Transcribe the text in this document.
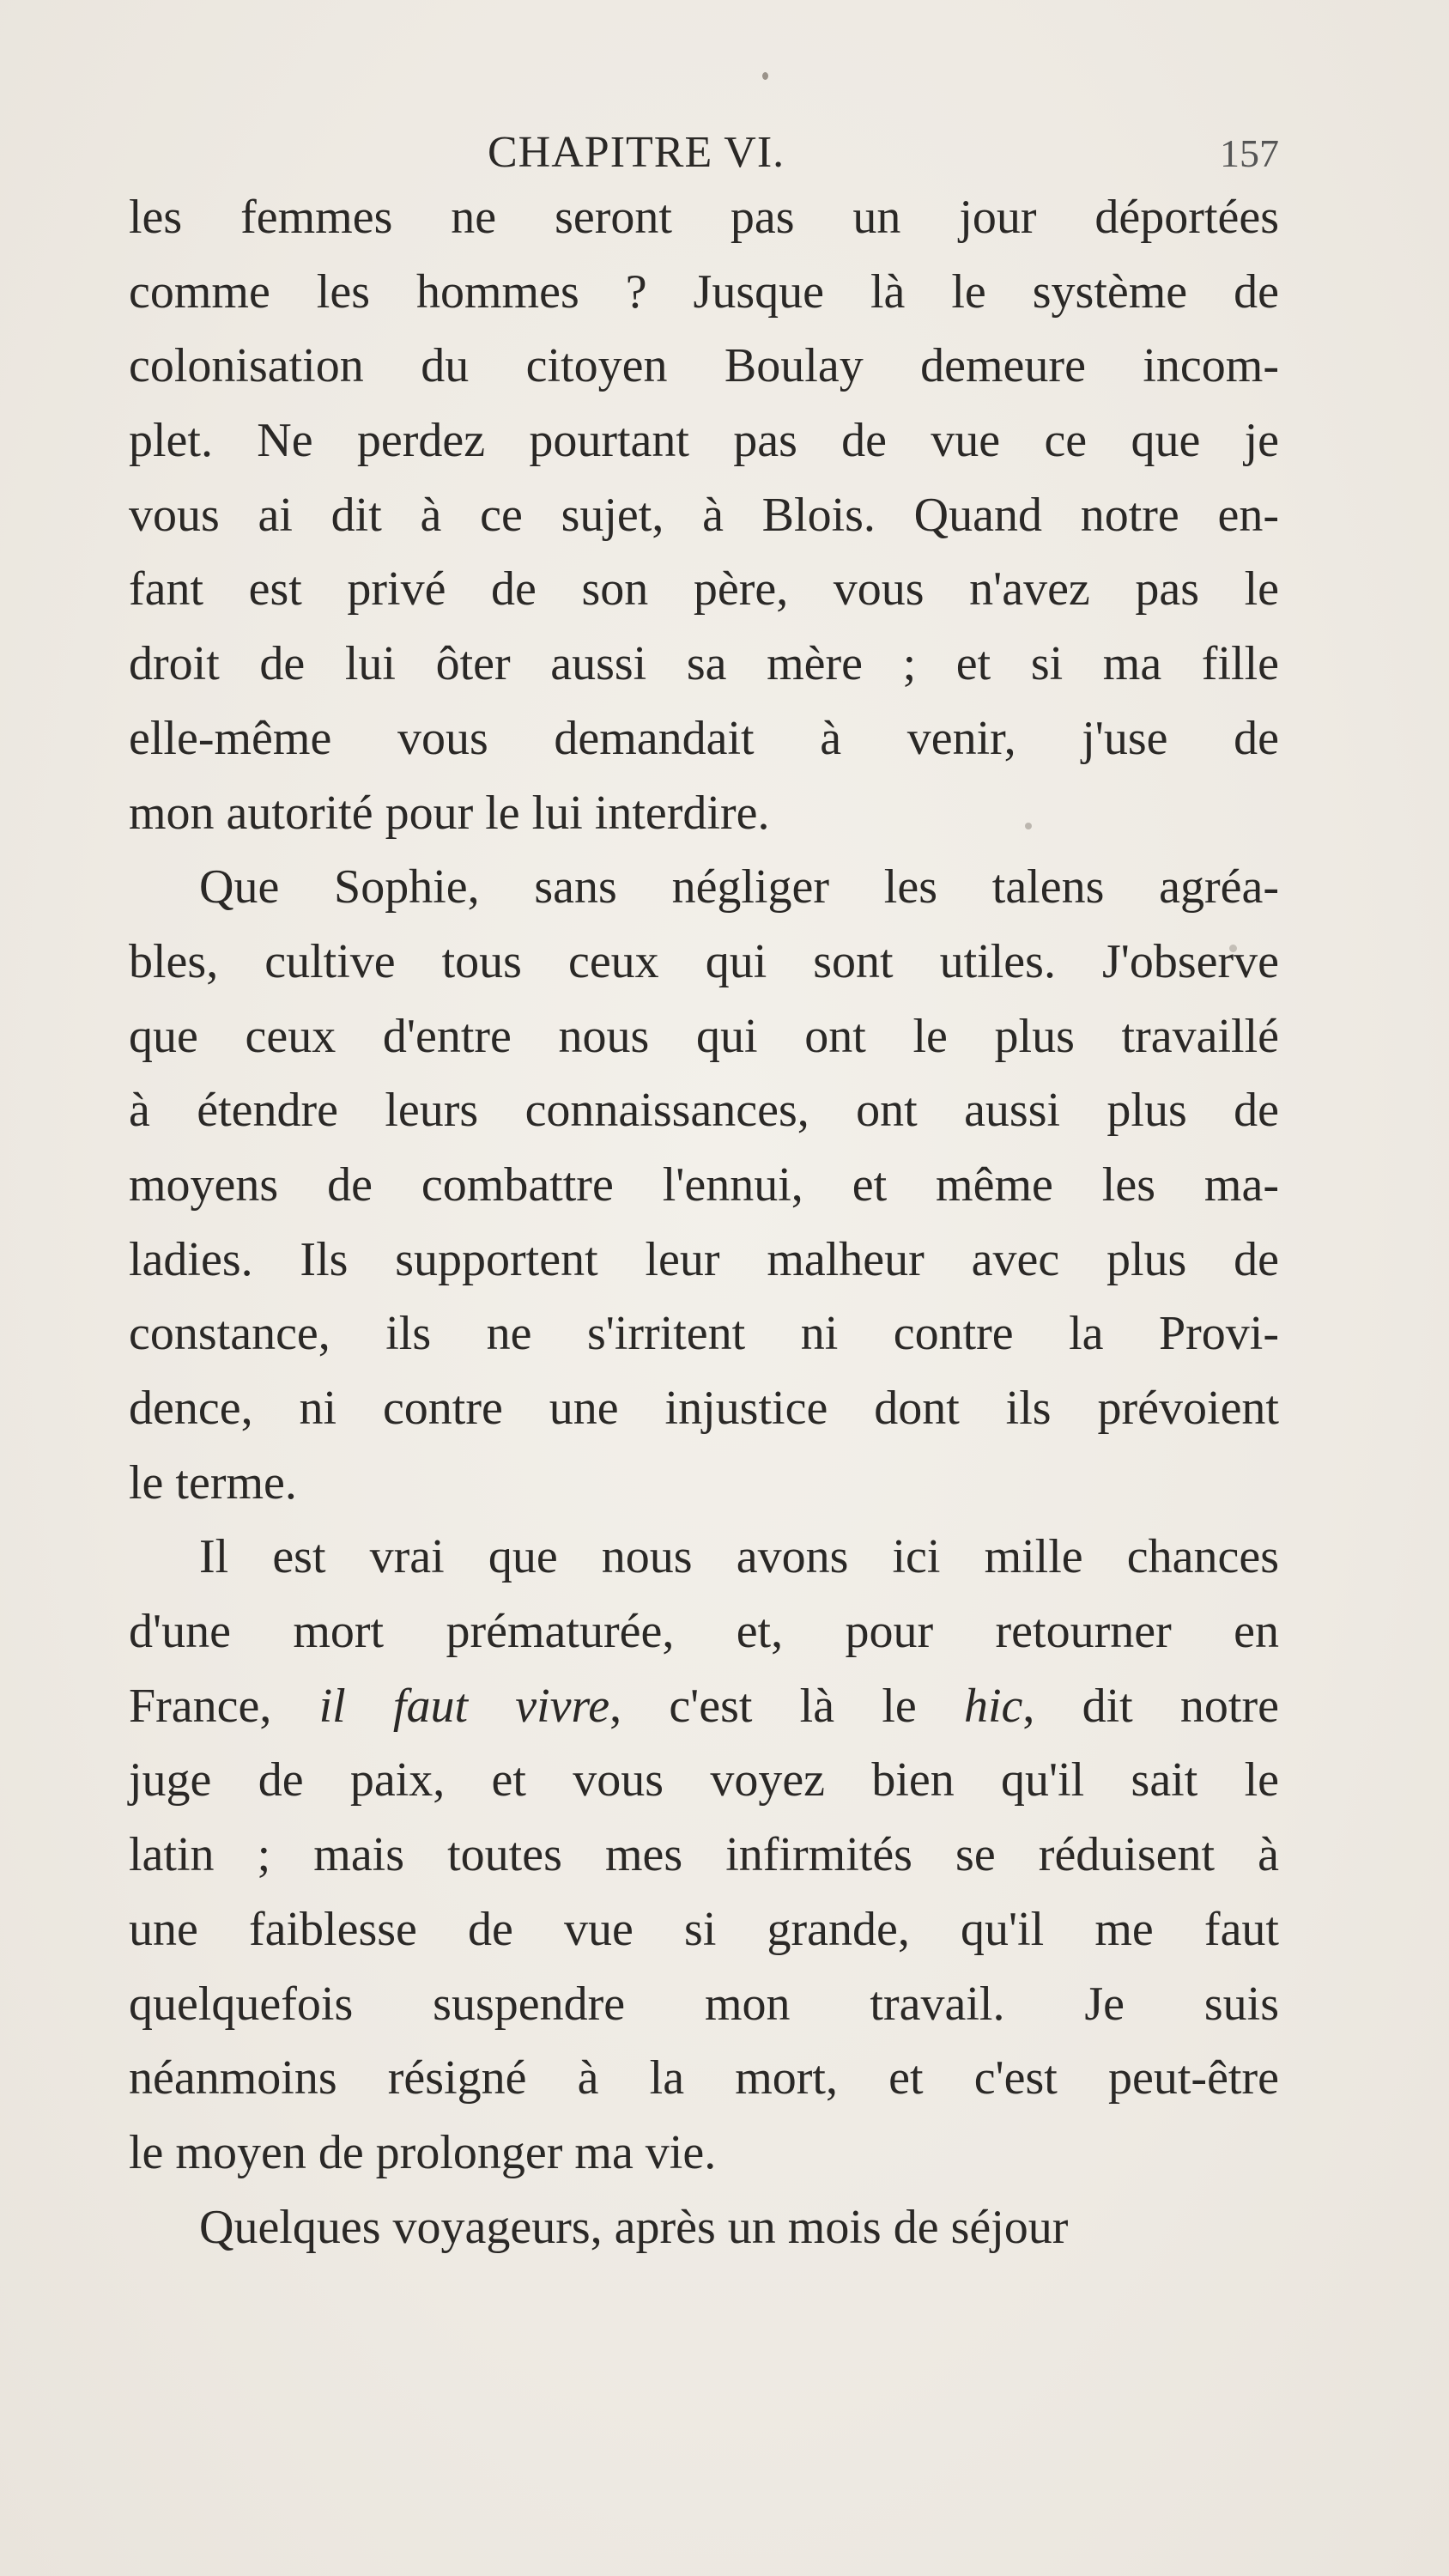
CHAPITRE VI.	157
les femmes ne seront pas un jour déportées
comme les hommes ? Jusque là le système de
colonisation du citoyen Boulay demeure incom-
plet. Ne perdez pourtant pas de vue ce que je
vous ai dit à ce sujet, à Blois. Quand notre en-
fant est privé de son père, vous n'avez pas le
droit de lui ôter aussi sa mère ; et si ma fille
elle-même vous demandait à venir, j'use de
mon autorité pour le lui interdire.
Que Sophie, sans négliger les talens agréa-
bles, cultive tous ceux qui sont utiles. J'observe
que ceux d'entre nous qui ont le plus travaillé
à étendre leurs connaissances, ont aussi plus de
moyens de combattre l'ennui, et même les ma-
ladies. Ils supportent leur malheur avec plus de
constance, ils ne s'irritent ni contre la Provi-
dence, ni contre une injustice dont ils prévoient
le terme.
Il est vrai que nous avons ici mille chances
d'une mort prématurée, et, pour retourner en
France, il faut vivre, c'est là le hic, dit notre
juge de paix, et vous voyez bien qu'il sait le
latin ; mais toutes mes infirmités se réduisent à
une faiblesse de vue si grande, qu'il me faut
quelquefois suspendre mon travail. Je suis
néanmoins résigné à la mort, et c'est peut-être
le moyen de prolonger ma vie.
Quelques voyageurs, après un mois de séjour
